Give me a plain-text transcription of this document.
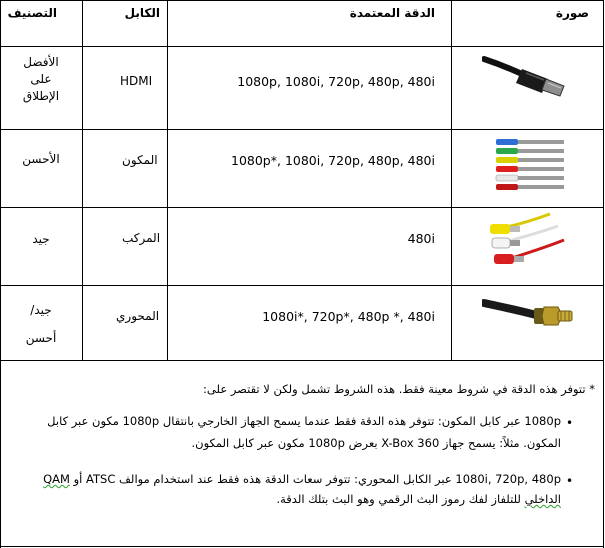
صورة
الدقة المعتمدة
الكابل
التصنيف
1080p, 1080i, 720p, 480p, 480i
HDMI
الأفضل
على
الإطلاق
1080p*, 1080i, 720p, 480p, 480i
المكون
الأحسن
480i
المركب
جيد
1080i*, 720p*, 480p *, 480i
المحوري
جيد/
أحسن
* تتوفر هذه الدقة في شروط معينة فقط. هذه الشروط تشمل ولكن لا تقتصر على:
•
1080p عبر كابل المكون: تتوفر هذه الدقة فقط عندما يسمح الجهاز الخارجي بانتقال 1080p مكون عبر كابل
المكون. مثلاً: يسمح جهاز X-Box 360 بعرض 1080p مكون عبر كابل المكون.
•
1080i, 720p, 480p عبر الكابل المحوري: تتوفر سعات الدقة هذه فقط عند استخدام موالف ATSC أو QAM
الداخلي للتلفاز لفك رموز البث الرقمي وهو البث بتلك الدقة.
